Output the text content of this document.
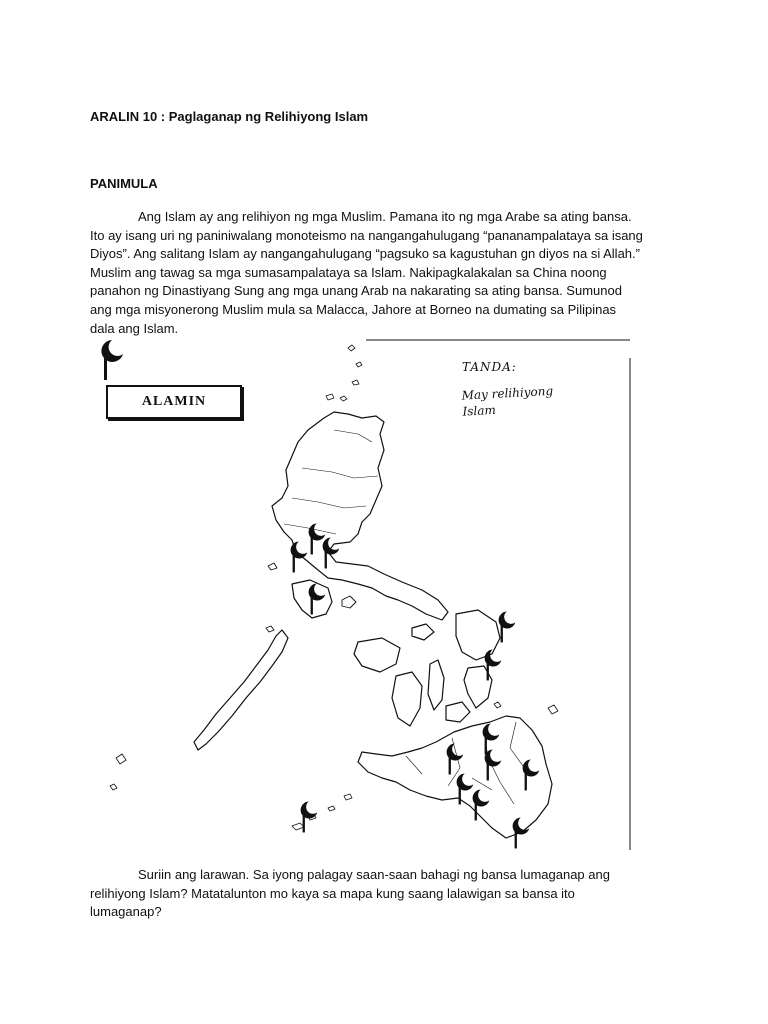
ARALIN 10 : Paglaganap ng Relihiyong Islam
PANIMULA

Ang Islam ay ang relihiyon ng mga Muslim. Pamana ito ng mga Arabe sa ating bansa.
Ito ay isang uri ng paniniwalang monoteismo na nangangahulugang “pananampalataya sa isang
Diyos”. Ang salitang Islam ay nangangahulugang “pagsuko sa kagustuhan gn diyos na si Allah.”
Muslim ang tawag sa mga sumasampalataya sa Islam. Nakipagkalakalan sa China noong
panahon ng Dinastiyang Sung ang mga unang Arab na nakarating sa ating bansa. Sumunod
ang mga misyonerong Muslim mula sa Malacca, Jahore at Borneo na dumating sa Pilipinas
dala ang Islam.

ALAMIN
TANDA:
May relihiyong
Islam

Suriin ang larawan. Sa iyong palagay saan-saan bahagi ng bansa lumaganap ang
relihiyong Islam? Matatalunton mo kaya sa mapa kung saang lalawigan sa bansa ito
lumaganap?
